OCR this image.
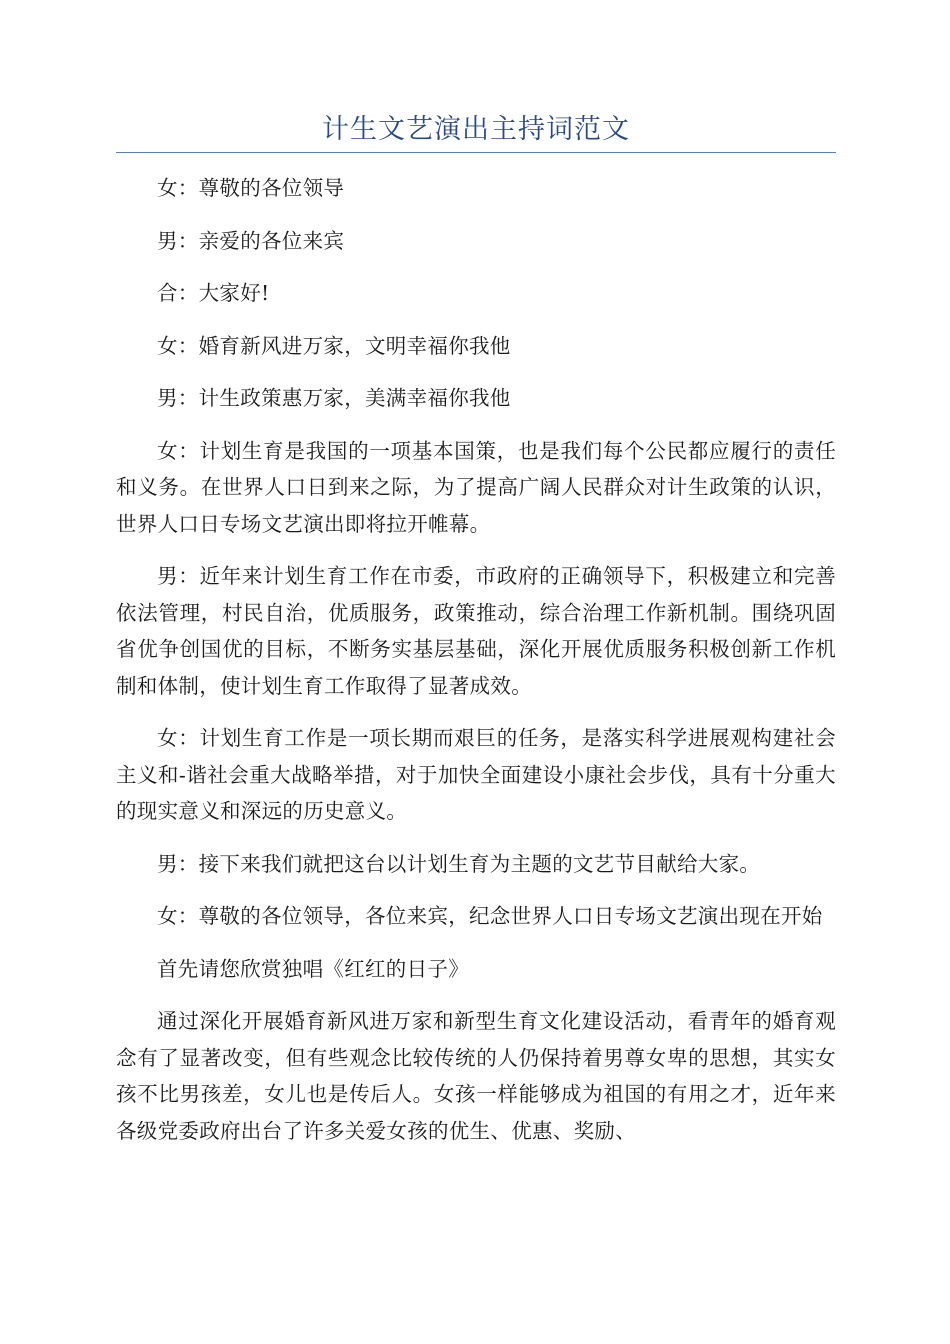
计生文艺演出主持词范文

女：尊敬的各位领导

男：亲爱的各位来宾

合：大家好!

女：婚育新风进万家，文明幸福你我他

男：计生政策惠万家，美满幸福你我他

女：计划生育是我国的一项基本国策，也是我们每个公民都应履行的责任和义务。在世界人口日到来之际，为了提高广阔人民群众对计生政策的认识，世界人口日专场文艺演出即将拉开帷幕。

男：近年来计划生育工作在市委，市政府的正确领导下，积极建立和完善依法管理，村民自治，优质服务，政策推动，综合治理工作新机制。围绕巩固省优争创国优的目标，不断务实基层基础，深化开展优质服务积极创新工作机制和体制，使计划生育工作取得了显著成效。

女：计划生育工作是一项长期而艰巨的任务，是落实科学进展观构建社会主义和-谐社会重大战略举措，对于加快全面建设小康社会步伐，具有十分重大的现实意义和深远的历史意义。

男：接下来我们就把这台以计划生育为主题的文艺节目献给大家。

女：尊敬的各位领导，各位来宾，纪念世界人口日专场文艺演出现在开始

首先请您欣赏独唱《红红的日子》

通过深化开展婚育新风进万家和新型生育文化建设活动，看青年的婚育观念有了显著改变，但有些观念比较传统的人仍保持着男尊女卑的思想，其实女孩不比男孩差，女儿也是传后人。女孩一样能够成为祖国的有用之才，近年来各级党委政府出台了许多关爱女孩的优生、优惠、奖励、
